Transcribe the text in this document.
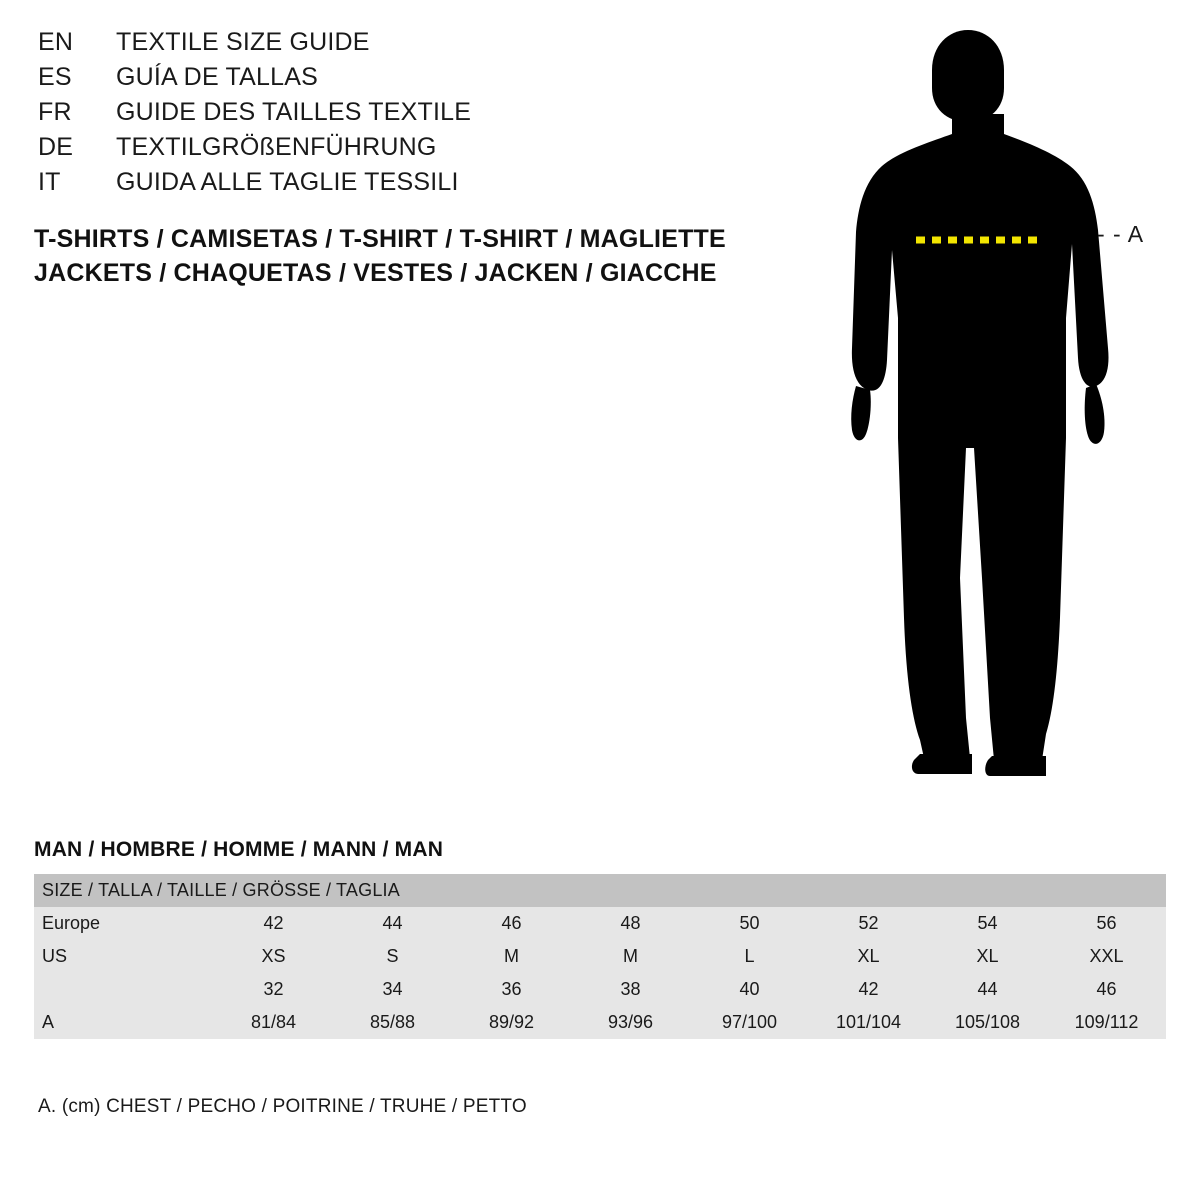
EN	TEXTILE SIZE GUIDE
ES	GUÍA DE TALLAS
FR	GUIDE DES TAILLES TEXTILE
DE	TEXTILGRÖßENFÜHRUNG
IT	GUIDA ALLE TAGLIE TESSILI
T-SHIRTS / CAMISETAS / T-SHIRT / T-SHIRT / MAGLIETTE
JACKETS / CHAQUETAS / VESTES / JACKEN / GIACCHE
- - A
MAN / HOMBRE / HOMME / MANN / MAN
SIZE / TALLA / TAILLE / GRÖSSE / TAGLIA								
Europe	42	44	46	48	50	52	54	56
US	XS	S	M	M	L	XL	XL	XXL
	32	34	36	38	40	42	44	46
A	81/84	85/88	89/92	93/96	97/100	101/104	105/108	109/112
A. (cm) CHEST / PECHO / POITRINE / TRUHE / PETTO
